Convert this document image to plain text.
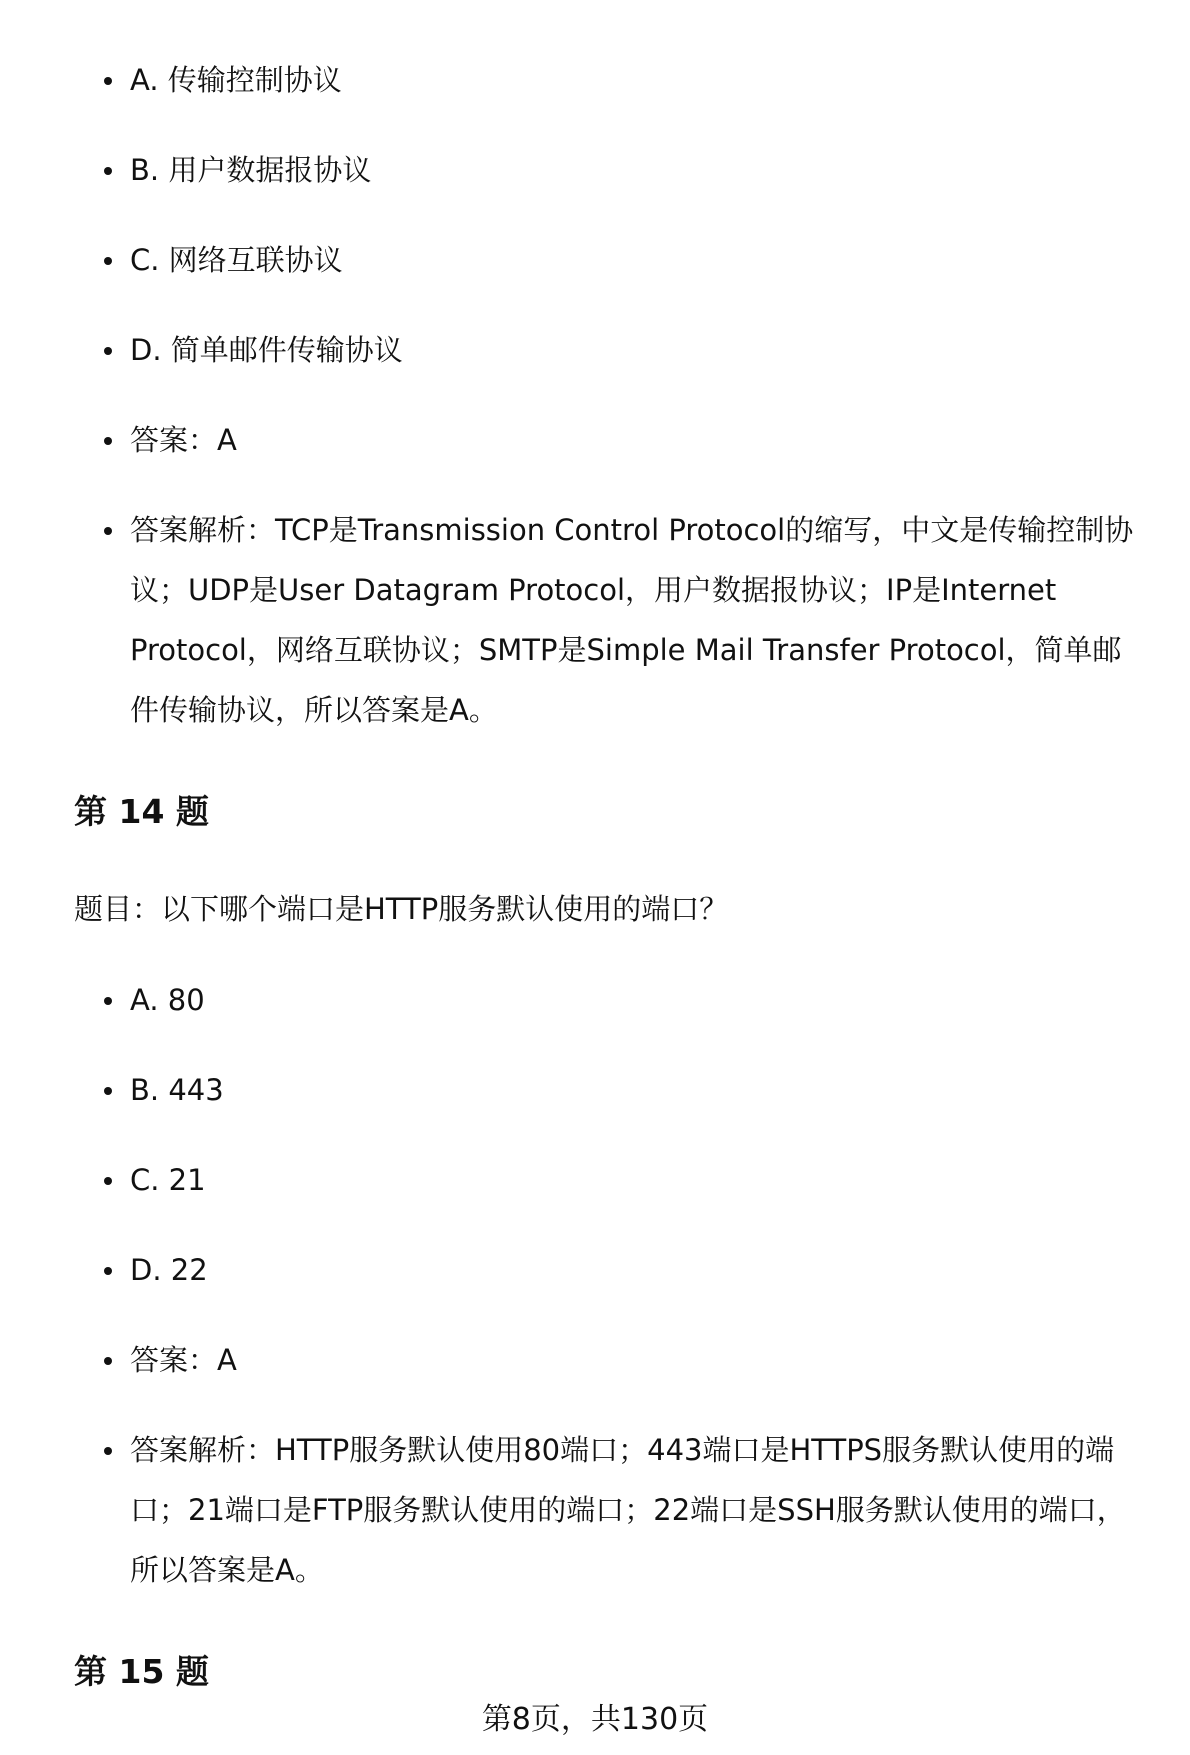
A. 传输控制协议
B. 用户数据报协议
C. 网络互联协议
D. 简单邮件传输协议
答案：A
答案解析：TCP是Transmission Control Protocol的缩写，中文是传输控制协议；UDP是User Datagram Protocol，用户数据报协议；IP是Internet Protocol，网络互联协议；SMTP是Simple Mail Transfer Protocol，简单邮件传输协议，所以答案是A。
第 14 题

题目：以下哪个端口是HTTP服务默认使用的端口？

A. 80
B. 443
C. 21
D. 22
答案：A
答案解析：HTTP服务默认使用80端口；443端口是HTTPS服务默认使用的端口；21端口是FTP服务默认使用的端口；22端口是SSH服务默认使用的端口，所以答案是A。
第 15 题
第8页，共130页
